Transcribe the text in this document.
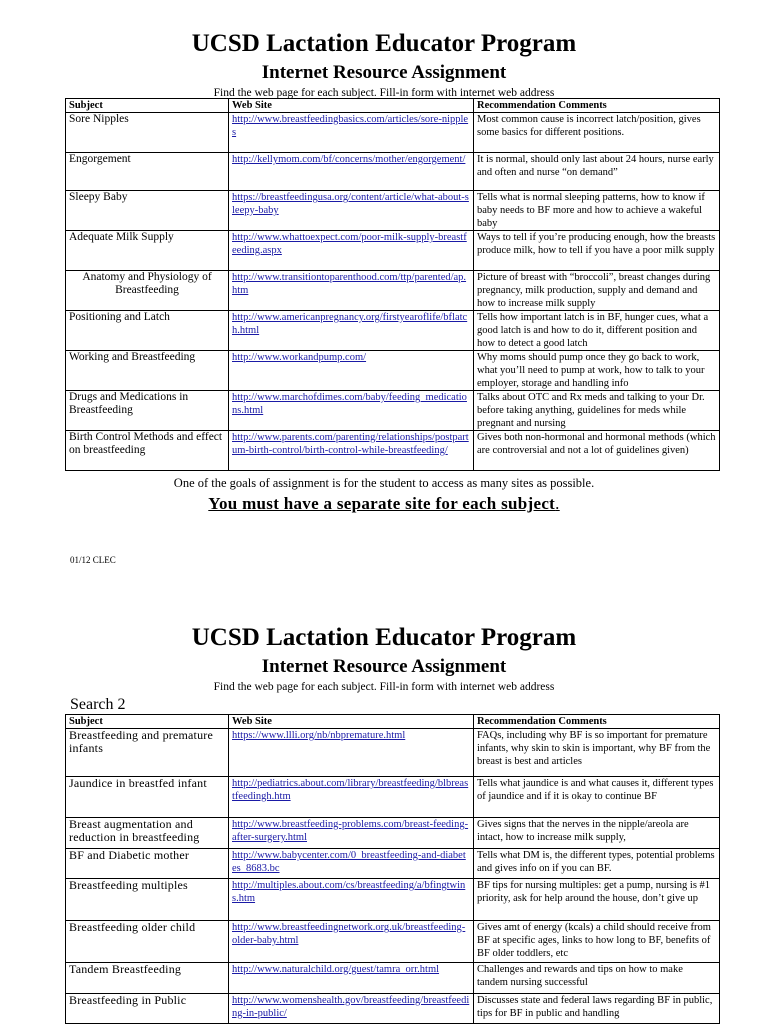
UCSD Lactation Educator Program
Internet Resource Assignment

Find the web page for each subject. Fill-in form with internet web address

Subject	Web Site	Recommendation Comments
Sore Nipples	http://www.breastfeedingbasics.com/articles/sore-nipples	Most common cause is incorrect latch/position, gives some basics for different positions.
Engorgement	http://kellymom.com/bf/concerns/mother/engorgement/	It is normal, should only last about 24 hours, nurse early and often and nurse “on demand”
Sleepy Baby	https://breastfeedingusa.org/content/article/what-about-sleepy-baby	Tells what is normal sleeping patterns, how to know if baby needs to BF more and how to achieve a wakeful baby
Adequate Milk Supply	http://www.whattoexpect.com/poor-milk-supply-breastfeeding.aspx	Ways to tell if you’re producing enough, how the breasts produce milk, how to tell if you have a poor milk supply
Anatomy and Physiology of Breastfeeding	http://www.transitiontoparenthood.com/ttp/parented/ap.htm	Picture of breast with “broccoli”, breast changes during pregnancy, milk production, supply and demand and how to increase milk supply
Positioning and Latch	http://www.americanpregnancy.org/firstyearoflife/bflatch.html	Tells how important latch is in BF, hunger cues, what a good latch is and how to do it, different position and how to detect a good latch
Working and Breastfeeding	http://www.workandpump.com/	Why moms should pump once they go back to work, what you’ll need to pump at work, how to talk to your employer, storage and handling info
Drugs and Medications in Breastfeeding	http://www.marchofdimes.com/baby/feeding_medications.html	Talks about OTC and Rx meds and talking to your Dr. before taking anything, guidelines for meds while pregnant and nursing
Birth Control Methods and effect on breastfeeding	http://www.parents.com/parenting/relationships/postpartum-birth-control/birth-control-while-breastfeeding/	Gives both non-hormonal and hormonal methods (which are controversial and not a lot of guidelines given)
One of the goals of assignment is for the student to access as many sites as possible.
You must have a separate site for each subject.
01/12 CLEC
UCSD Lactation Educator Program
Internet Resource Assignment

Find the web page for each subject. Fill-in form with internet web address

Search 2
Subject	Web Site	Recommendation Comments
Breastfeeding and premature infants	https://www.llli.org/nb/nbpremature.html	FAQs, including why BF is so important for premature infants, why skin to skin is important, why BF from the breast is best and articles
Jaundice in breastfed infant	http://pediatrics.about.com/library/breastfeeding/blbreastfeedingh.htm	Tells what jaundice is and what causes it, different types of jaundice and if it is okay to continue BF
Breast augmentation and reduction in breastfeeding	http://www.breastfeeding-problems.com/breast-feeding-after-surgery.html	Gives signs that the nerves in the nipple/areola are intact, how to increase milk supply,
BF and Diabetic mother	http://www.babycenter.com/0_breastfeeding-and-diabetes_8683.bc	Tells what DM is, the different types, potential problems and gives info on if you can BF.
Breastfeeding multiples	http://multiples.about.com/cs/breastfeeding/a/bfingtwins.htm	BF tips for nursing multiples: get a pump, nursing is #1 priority, ask for help around the house, don’t give up
Breastfeeding older child	http://www.breastfeedingnetwork.org.uk/breastfeeding-older-baby.html	Gives amt of energy (kcals) a child should receive from BF at specific ages, links to how long to BF, benefits of BF older toddlers, etc
Tandem Breastfeeding	http://www.naturalchild.org/guest/tamra_orr.html	Challenges and rewards and tips on how to make tandem nursing successful
Breastfeeding in Public	http://www.womenshealth.gov/breastfeeding/breastfeeding-in-public/	Discusses state and federal laws regarding BF in public, tips for BF in public and handling
